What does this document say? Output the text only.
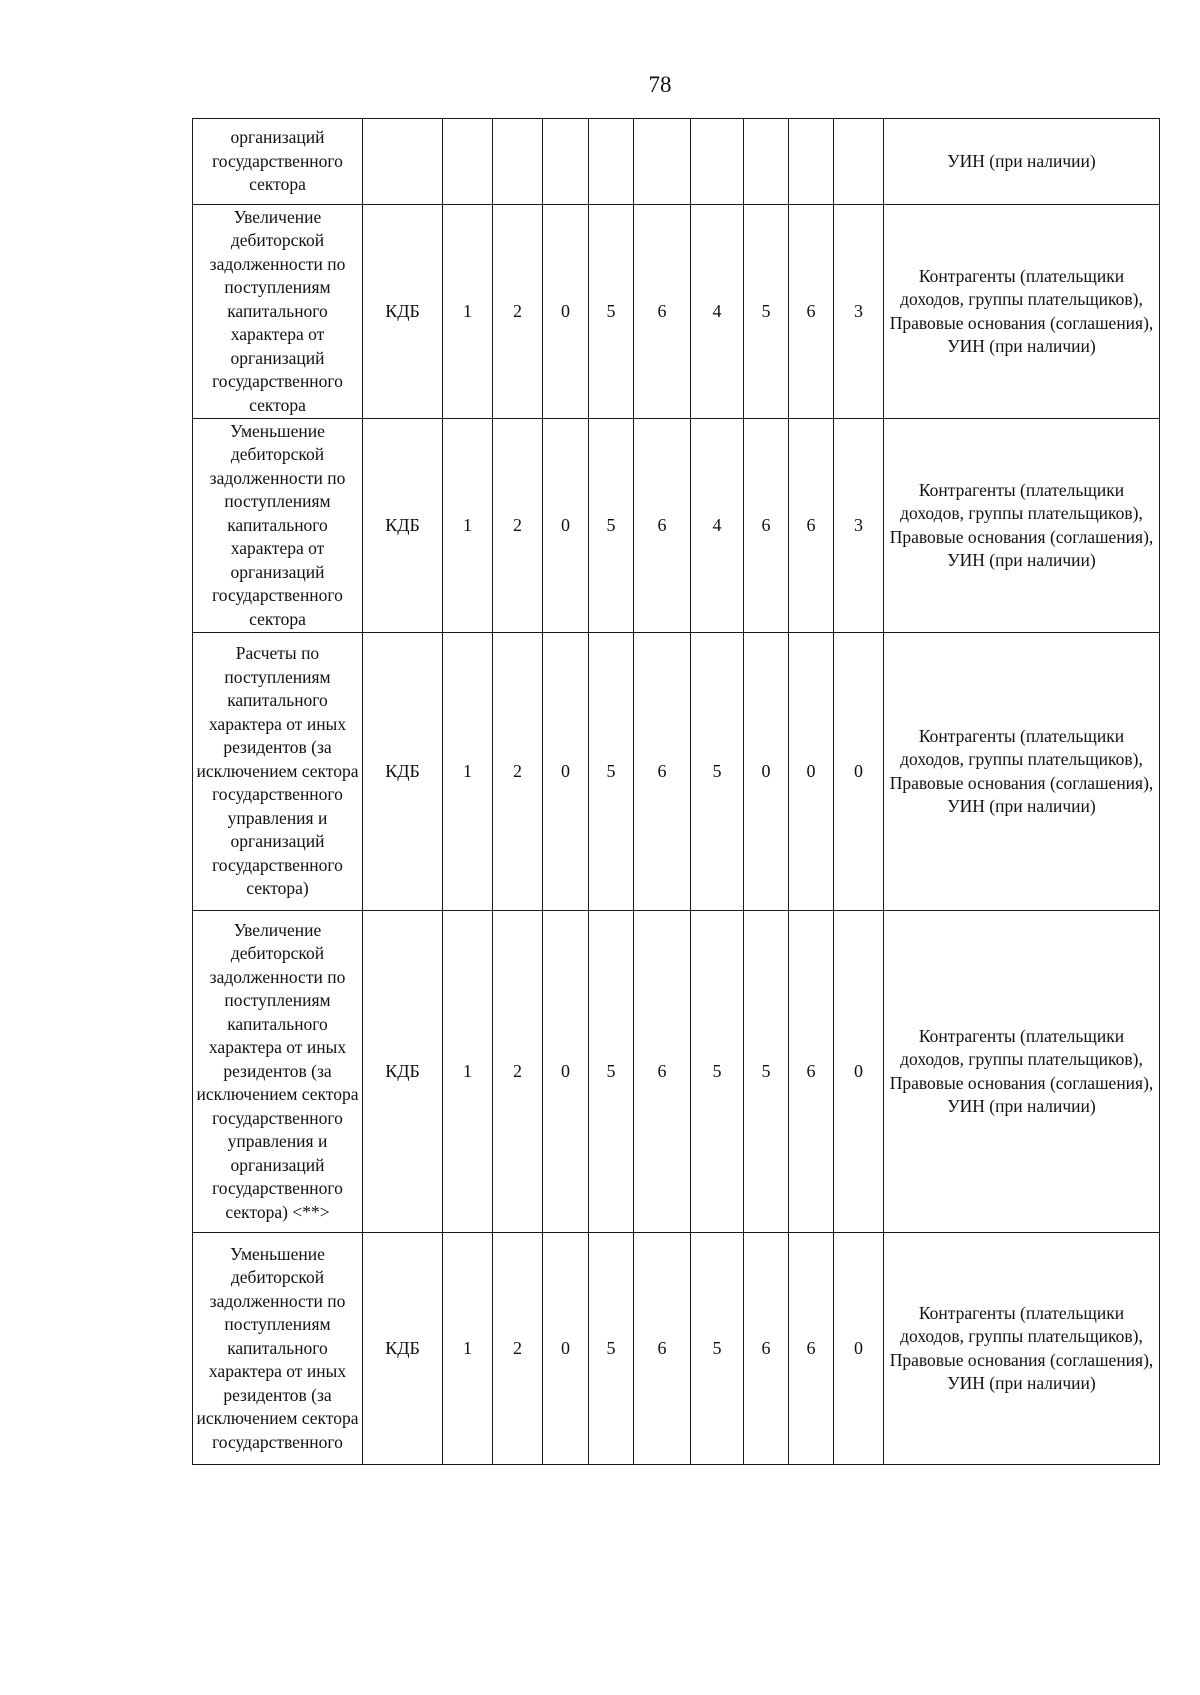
78
организаций государственного сектора											УИН (при наличии)
Увеличение дебиторской задолженности по поступлениям капитального характера от организаций государственного сектора	КДБ	1	2	0	5	6	4	5	6	3	Контрагенты (плательщики доходов, группы плательщиков), Правовые основания (соглашения), УИН (при наличии)
Уменьшение дебиторской задолженности по поступлениям капитального характера от организаций государственного сектора	КДБ	1	2	0	5	6	4	6	6	3	Контрагенты (плательщики доходов, группы плательщиков), Правовые основания (соглашения), УИН (при наличии)
Расчеты по поступлениям капитального характера от иных резидентов (за исключением сектора государственного управления и организаций государственного сектора)	КДБ	1	2	0	5	6	5	0	0	0	Контрагенты (плательщики доходов, группы плательщиков), Правовые основания (соглашения), УИН (при наличии)
Увеличение дебиторской задолженности по поступлениям капитального характера от иных резидентов (за исключением сектора государственного управления и организаций государственного сектора) <**>	КДБ	1	2	0	5	6	5	5	6	0	Контрагенты (плательщики доходов, группы плательщиков), Правовые основания (соглашения), УИН (при наличии)
Уменьшение дебиторской задолженности по поступлениям капитального характера от иных резидентов (за исключением сектора государственного	КДБ	1	2	0	5	6	5	6	6	0	Контрагенты (плательщики доходов, группы плательщиков), Правовые основания (соглашения), УИН (при наличии)
